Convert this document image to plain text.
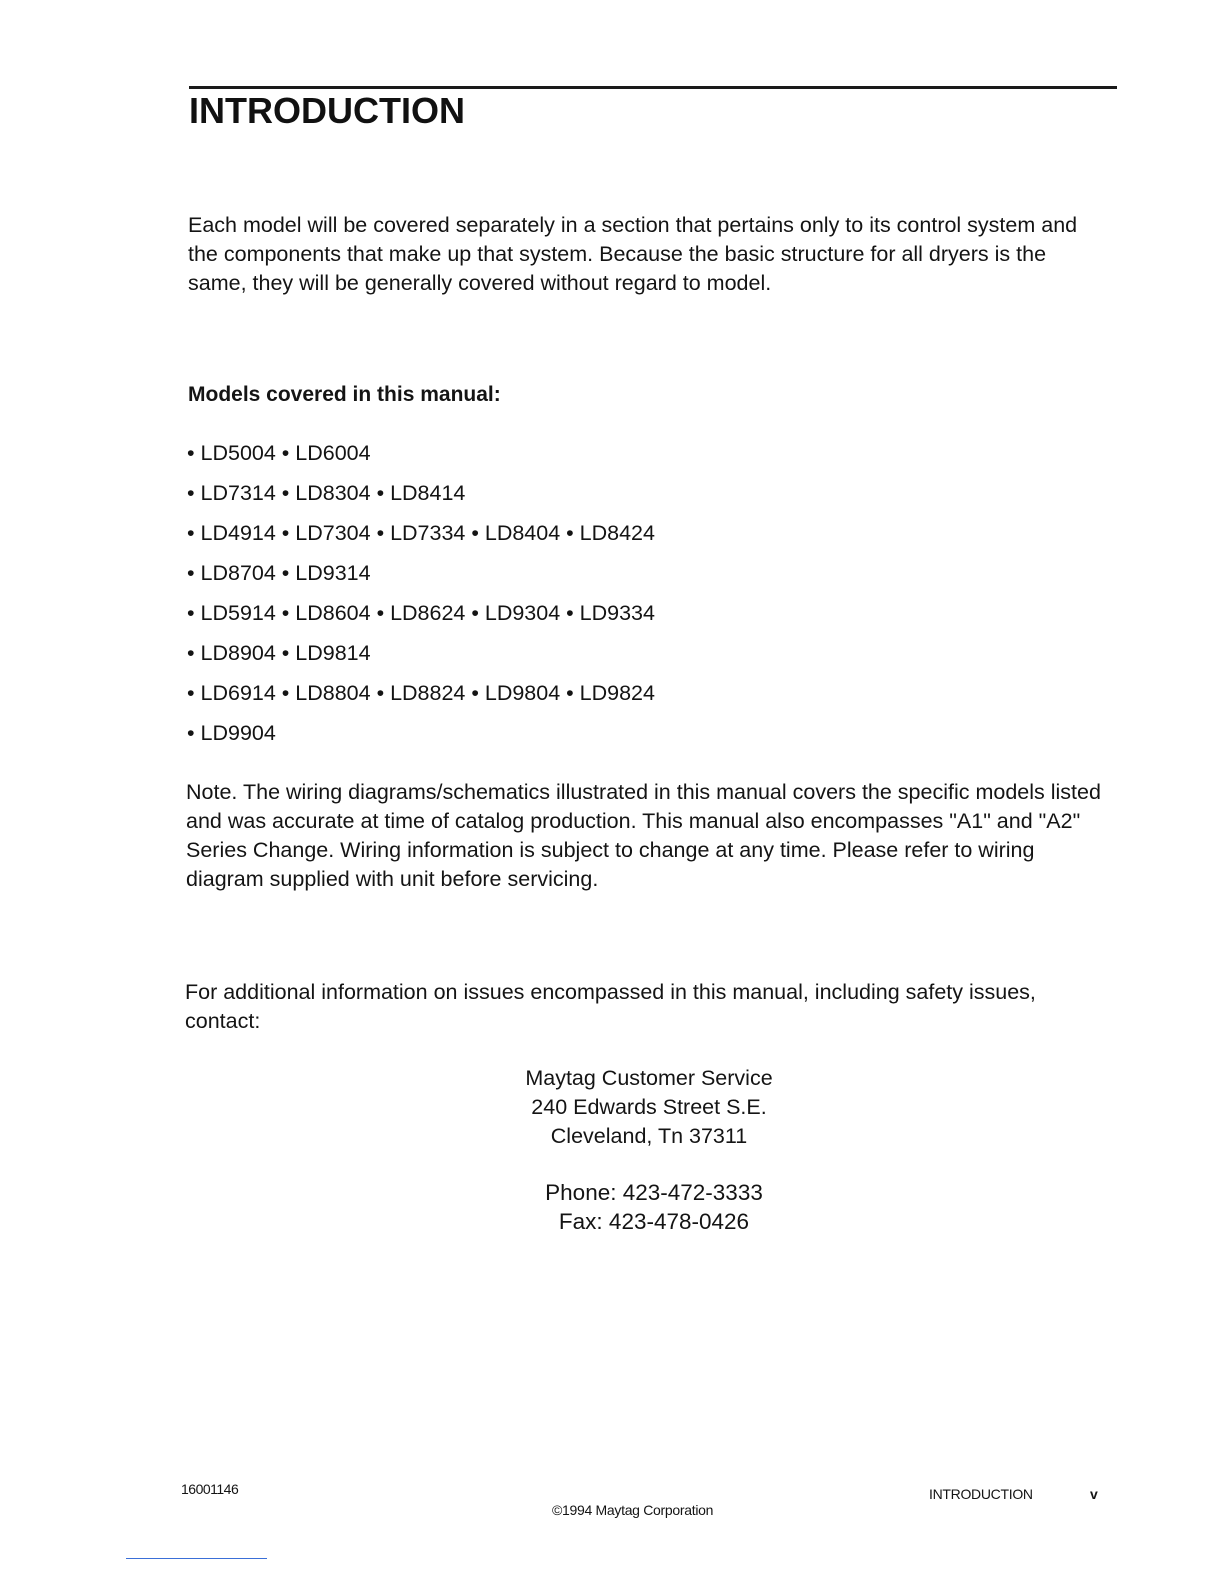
INTRODUCTION

Each model will be covered separately in a section that pertains only to its control system and the components that make up that system. Because the basic structure for all dryers is the same, they will be generally covered without regard to model.

Models covered in this manual:
• LD5004 • LD6004
• LD7314 • LD8304 • LD8414
• LD4914 • LD7304 • LD7334 • LD8404 • LD8424
• LD8704 • LD9314
• LD5914 • LD8604 • LD8624 • LD9304 • LD9334
• LD8904 • LD9814
• LD6914 • LD8804 • LD8824 • LD9804 • LD9824
• LD9904

Note. The wiring diagrams/schematics illustrated in this manual covers the specific models listed and was accurate at time of catalog production. This manual also encompasses "A1" and "A2" Series Change. Wiring information is subject to change at any time. Please refer to wiring diagram supplied with unit before servicing.

For additional information on issues encompassed in this manual, including safety issues, contact:

Maytag Customer Service
240 Edwards Street S.E.
Cleveland, Tn 37311
Phone: 423-472-3333
Fax: 423-478-0426
16001146
©1994 Maytag Corporation
INTRODUCTION	v
